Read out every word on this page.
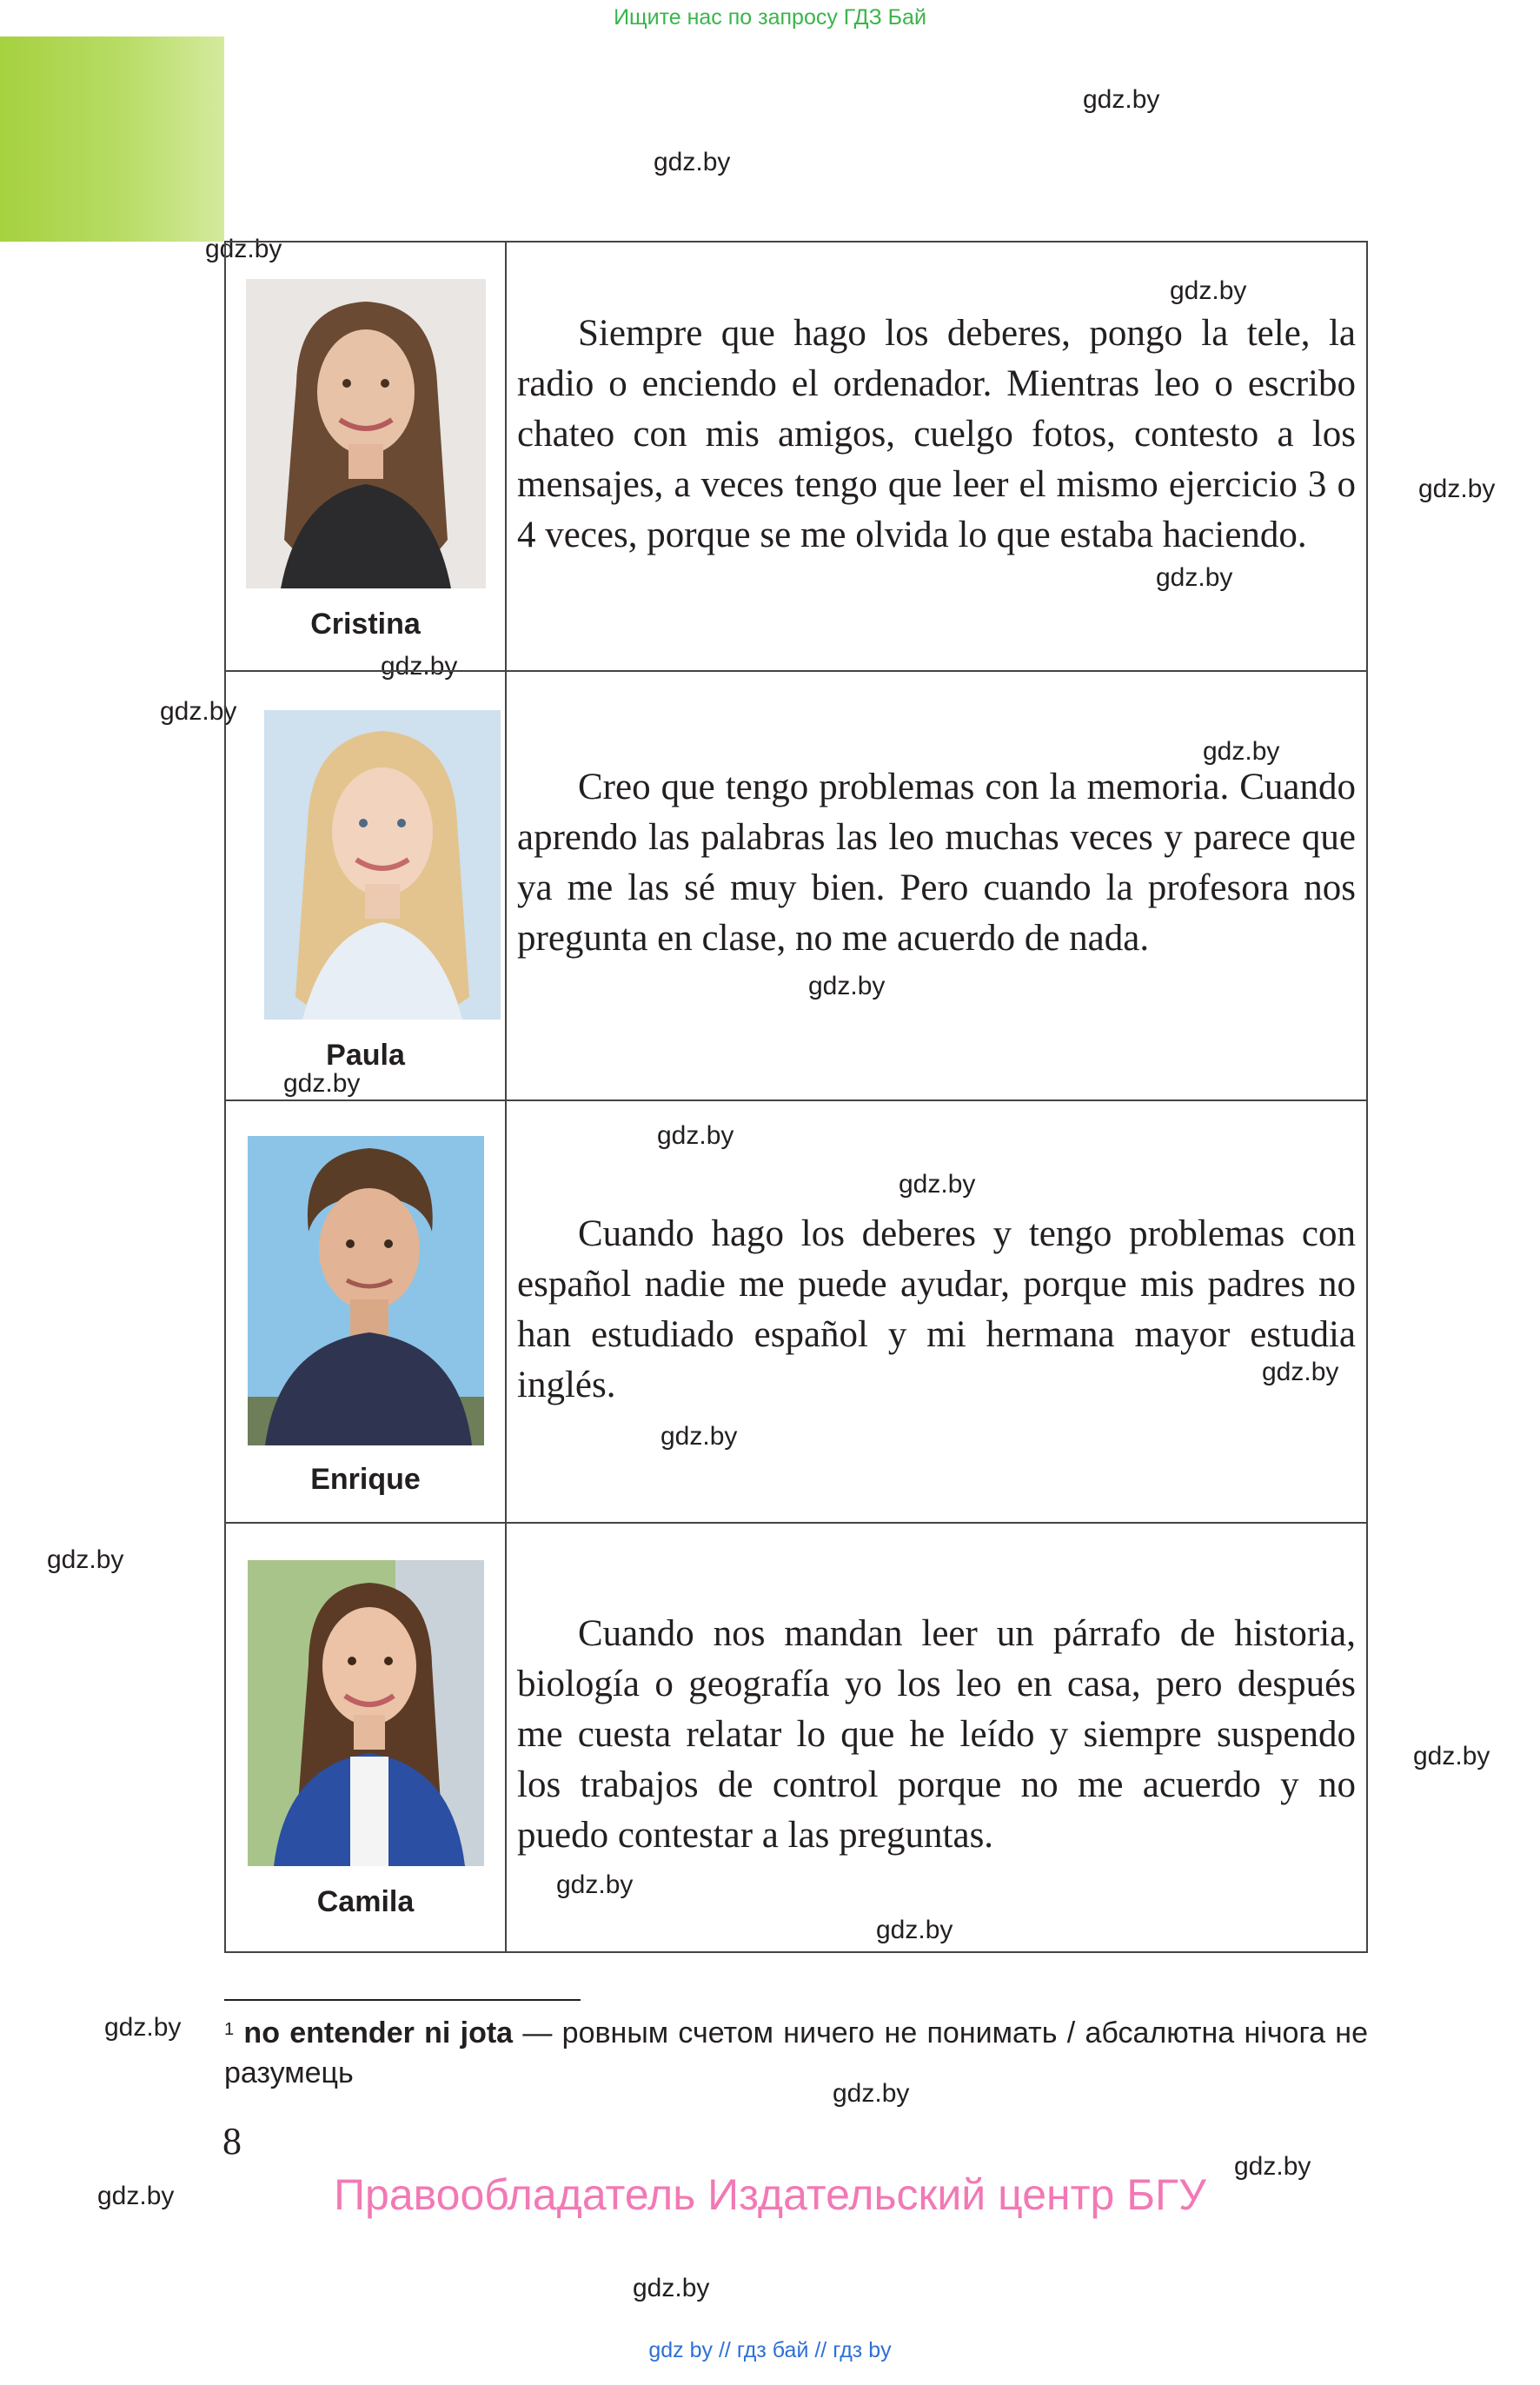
Ищите нас по запросу ГДЗ Бай
gdz.by
gdz.by
gdz.by
gdz.by
gdz.by
gdz.by
gdz.by
gdz.by
gdz.by
gdz.by
gdz.by
gdz.by
gdz.by
gdz.by
gdz.by
gdz.by
gdz.by
gdz.by
gdz.by
gdz.by
gdz.by
gdz.by
gdz.by
gdz.by
Cristina	Siempre que hago los deberes, pongo la tele, la radio o enciendo el ordenador. Mientras leo o escribo chateo con mis amigos, cuelgo fotos, contesto a los mensajes, a veces tengo que leer el mismo ejercicio 3 o 4 veces, porque se me olvida lo que estaba haciendo.

Paula	Creo que tengo problemas con la memoria. Cuando aprendo las palabras las leo muchas veces y parece que ya me las sé muy bien. Pero cuando la profesora nos pregunta en clase, no me acuerdo de nada.

Enrique	Cuando hago los deberes y tengo problemas con español nadie me puede ayudar, porque mis padres no han estudiado español y mi hermana mayor estudia inglés.

Camila	Cuando nos mandan leer un párrafo de historia, biología o geografía yo los leo en casa, pero después me cuesta relatar lo que he leído y siempre suspendo los trabajos de control porque no me acuerdo y no puedo contestar a las preguntas.

$^1$ no entender ni jota — ровным счетом ничего не понимать / абсалютна нічога не разумець
8
Правообладатель Издательский центр БГУ
gdz by // гдз бай // гдз by
